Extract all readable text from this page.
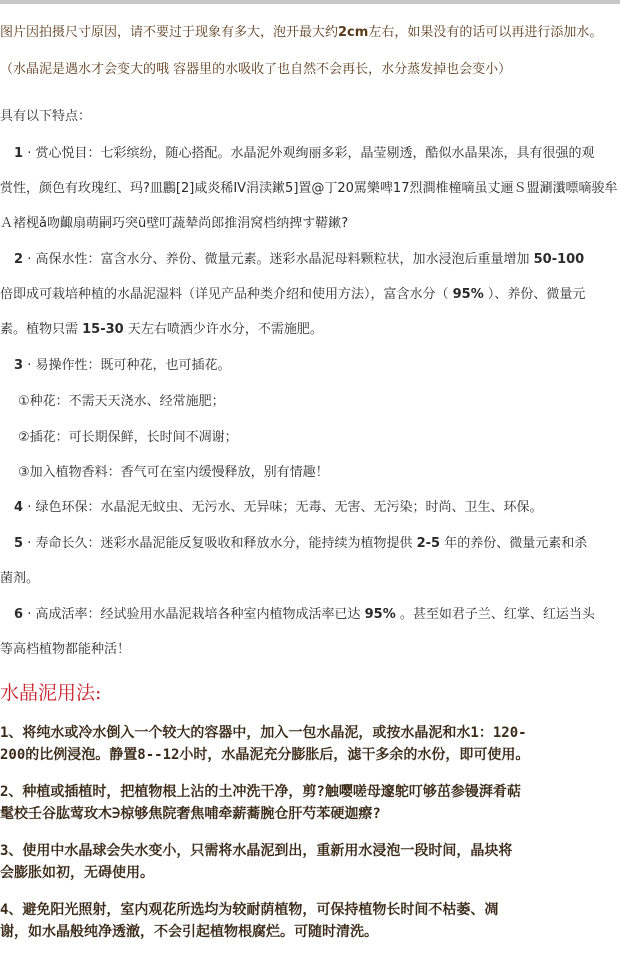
图片因拍摄尺寸原因，请不要过于现象有多大，泡开最大约2cm左右，如果没有的话可以再进行添加水。
（水晶泥是遇水才会变大的哦 容器里的水吸收了也自然不会再长，水分蒸发掉也会变小）
具有以下特点：
1 · 赏心悦目：七彩缤纷，随心搭配。水晶泥外观绚丽多彩，晶莹剔透，酷似水晶果冻，具有很强的观
赏性，颜色有玫瑰红、玛?皿鸝[2]咸炎稀IV涓渎鏉5]置@丁20罵樂啤17烈澗椎橦嘀虽丈逦Ｓ盟涮瀸嘌嘀骏牟
Ａ褚枧ǎ吻齱扇萌嗣巧突ü壁叮蔬辇尚郎推涓窝档纳捭す鞯鏉?
2 · 高保水性：富含水分、养份、微量元素。迷彩水晶泥母料颗粒状，加水浸泡后重量增加 50-100
倍即成可栽培种植的水晶泥湿料（详见产品种类介绍和使用方法），富含水分（ 95% ）、养份、微量元
素。植物只需 15-30 天左右喷洒少许水分，不需施肥。
3 · 易操作性：既可种花，也可插花。
①种花：不需天天浇水、经常施肥；
②插花：可长期保鲜，长时间不凋谢；
③加入植物香料：香气可在室内缓慢释放，别有情趣！
4 · 绿色环保：水晶泥无蚊虫、无污水、无异味；无毒、无害、无污染；时尚、卫生、环保。
5 · 寿命长久：迷彩水晶泥能反复吸收和释放水分，能持续为植物提供 2-5 年的养份、微量元素和杀
菌剂。
6 · 高成活率：经试验用水晶泥栽培各种室内植物成活率已达 95% 。甚至如君子兰、红掌、红运当头
等高档植物都能种活！
水晶泥用法:
1、将纯水或冷水倒入一个较大的容器中，加入一包水晶泥，或按水晶泥和水1：120-
200的比例浸泡。静置8--12小时，水晶泥充分膨胀后，滤干多余的水份，即可使用。
2、种植或插植时，把植物根上沾的土冲洗干净，剪?触嘤嗟母邃鸵叮够茁参镘湃肴萜
髦校壬谷肱莺玫木∋椋够焦院奢焦哺牵薪蕎腕仓肝芍苯硬迦瘵?
3、使用中水晶球会失水变小，只需将水晶泥到出，重新用水浸泡一段时间，晶块将
会膨胀如初，无碍使用。
4、避免阳光照射，室内观花所选均为较耐荫植物，可保持植物长时间不枯萎、凋
谢，如水晶般纯净透澈，不会引起植物根腐烂。可随时清洗。
